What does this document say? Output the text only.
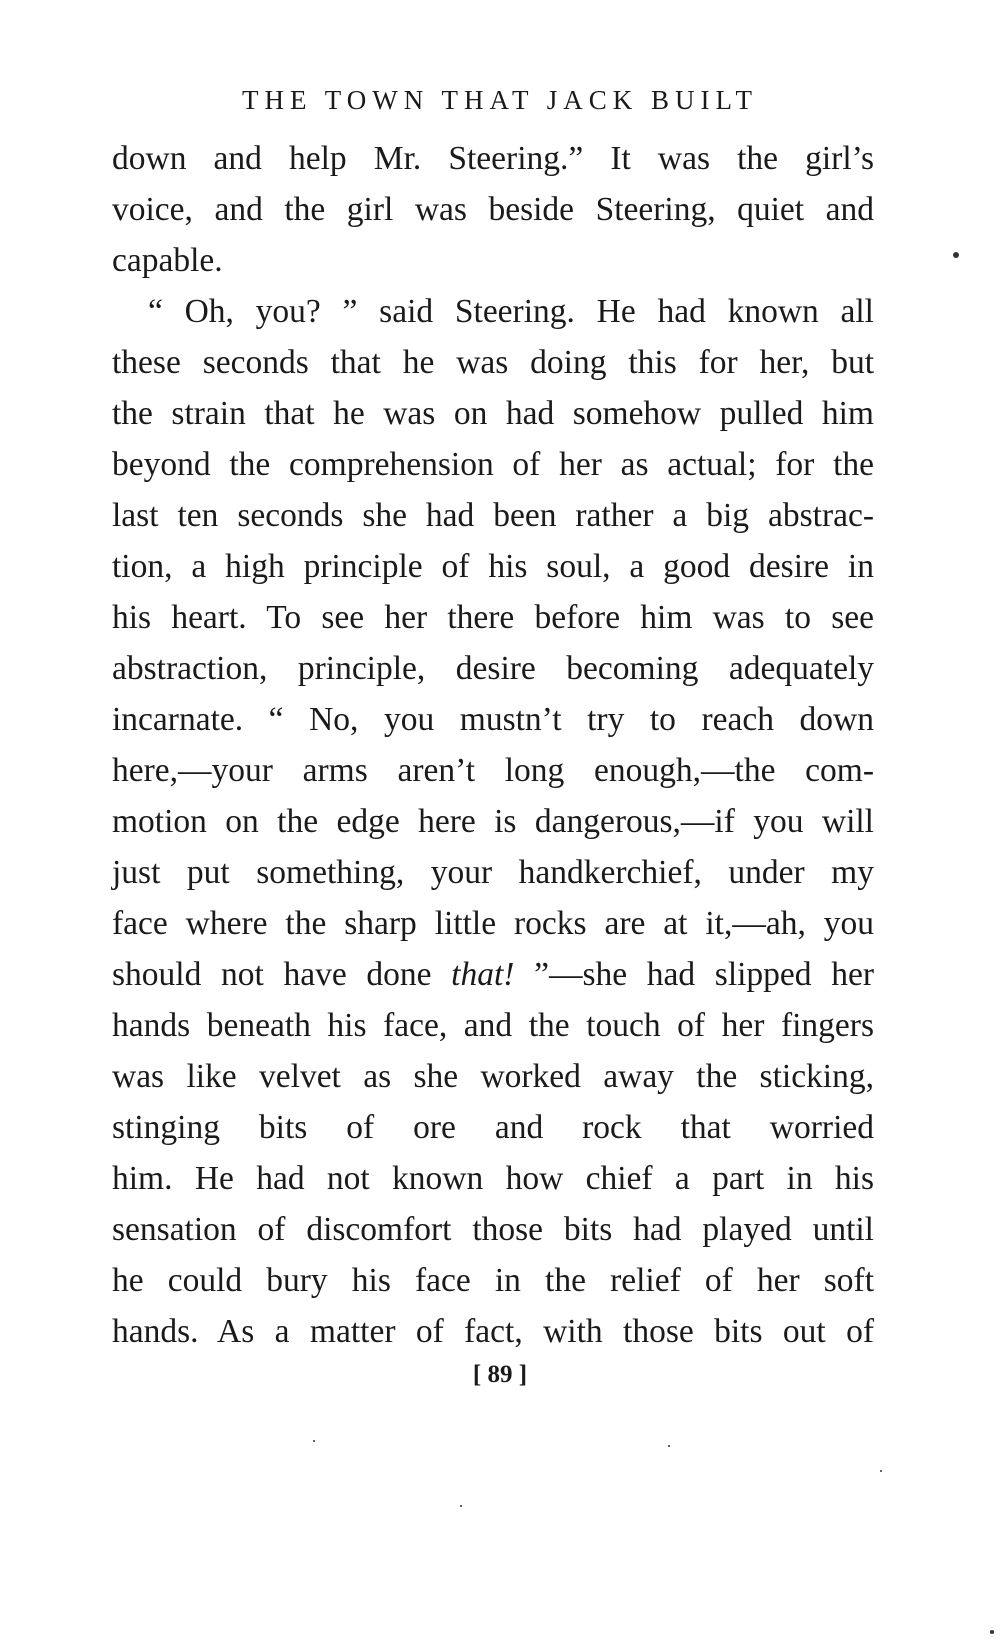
THE TOWN THAT JACK BUILT
down and help Mr. Steering.” It was the girl’s
voice, and the girl was beside Steering, quiet and
capable.
“ Oh, you? ” said Steering. He had known all
these seconds that he was doing this for her, but
the strain that he was on had somehow pulled him
beyond the comprehension of her as actual; for the
last ten seconds she had been rather a big abstrac-
tion, a high principle of his soul, a good desire in
his heart. To see her there before him was to see
abstraction, principle, desire becoming adequately
incarnate. “ No, you mustn’t try to reach down
here,—your arms aren’t long enough,—the com-
motion on the edge here is dangerous,—if you will
just put something, your handkerchief, under my
face where the sharp little rocks are at it,—ah, you
should not have done that! ”—she had slipped her
hands beneath his face, and the touch of her fingers
was like velvet as she worked away the sticking,
stinging bits of ore and rock that worried
him. He had not known how chief a part in his
sensation of discomfort those bits had played until
he could bury his face in the relief of her soft
hands. As a matter of fact, with those bits out of
[ 89 ]
